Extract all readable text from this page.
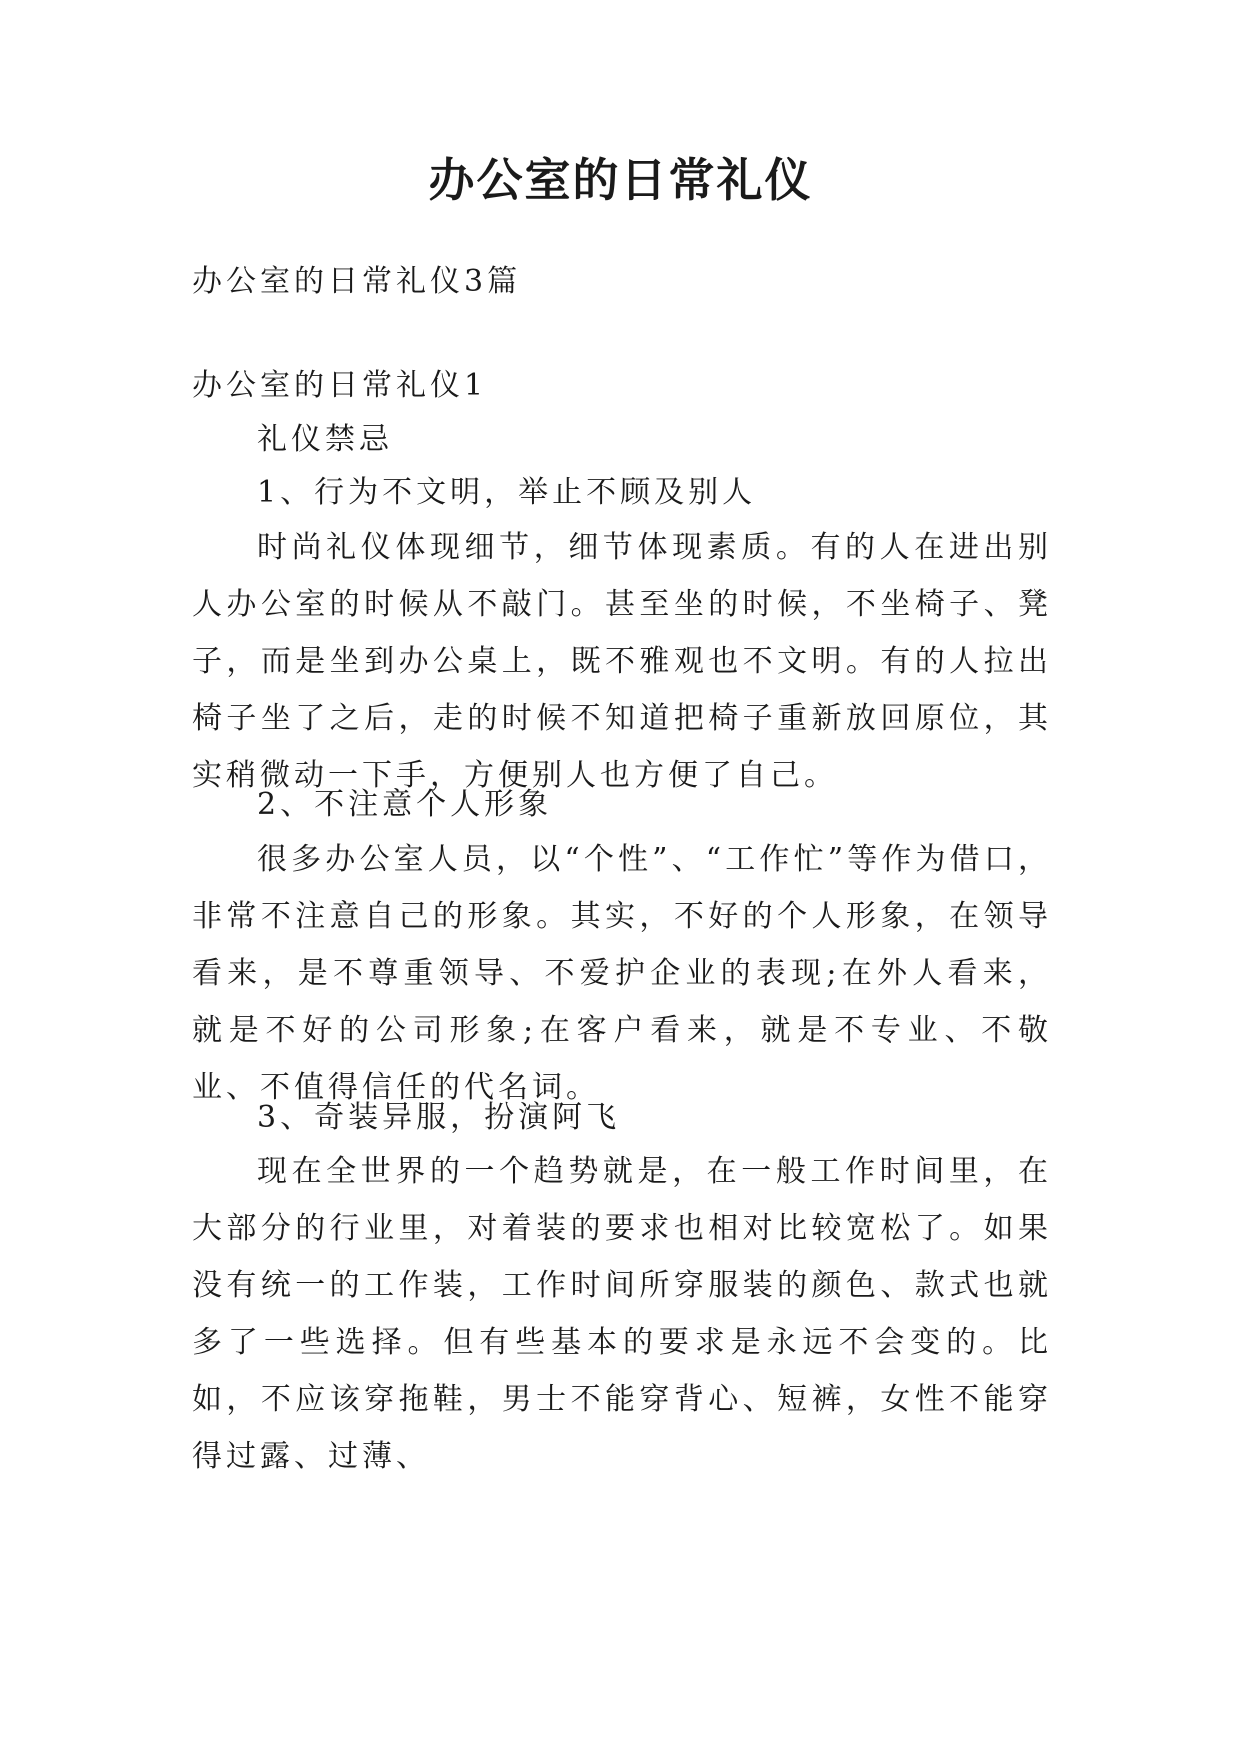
办公室的日常礼仪

办公室的日常礼仪3篇

办公室的日常礼仪1

礼仪禁忌

1、行为不文明，举止不顾及别人

时尚礼仪体现细节，细节体现素质。有的人在进出别人办公室的时候从不敲门。甚至坐的时候，不坐椅子、凳子，而是坐到办公桌上，既不雅观也不文明。有的人拉出椅子坐了之后，走的时候不知道把椅子重新放回原位，其实稍微动一下手，方便别人也方便了自己。

2、不注意个人形象

很多办公室人员，以“个性”、“工作忙”等作为借口，非常不注意自己的形象。其实，不好的个人形象，在领导看来，是不尊重领导、不爱护企业的表现;在外人看来，就是不好的公司形象;在客户看来，就是不专业、不敬业、不值得信任的代名词。

3、奇装异服，扮演阿飞

现在全世界的一个趋势就是，在一般工作时间里，在大部分的行业里，对着装的要求也相对比较宽松了。如果没有统一的工作装，工作时间所穿服装的颜色、款式也就多了一些选择。但有些基本的要求是永远不会变的。比如，不应该穿拖鞋，男士不能穿背心、短裤，女性不能穿得过露、过薄、
